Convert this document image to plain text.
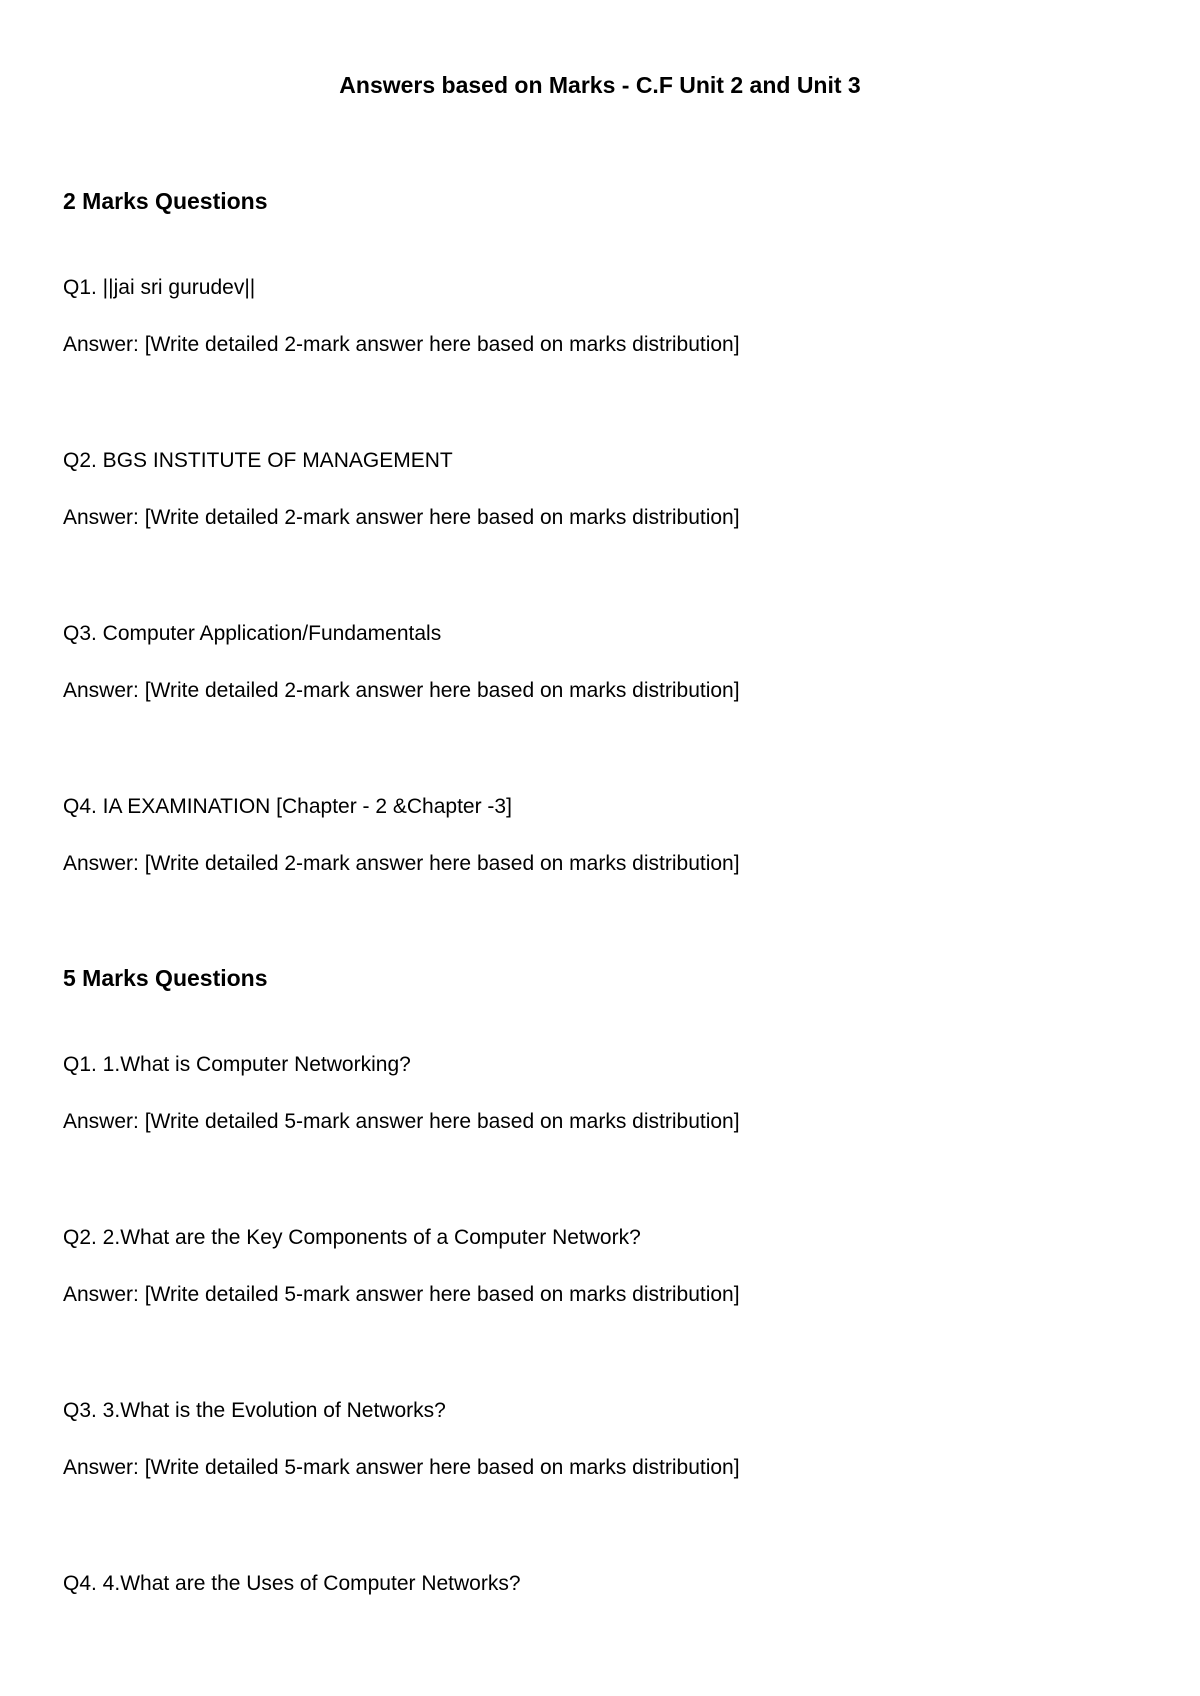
Answers based on Marks - C.F Unit 2 and Unit 3
2 Marks Questions

Q1. ||jai sri gurudev||

Answer: [Write detailed 2-mark answer here based on marks distribution]

Q2. BGS INSTITUTE OF MANAGEMENT

Answer: [Write detailed 2-mark answer here based on marks distribution]

Q3. Computer Application/Fundamentals

Answer: [Write detailed 2-mark answer here based on marks distribution]

Q4. IA EXAMINATION [Chapter - 2 &Chapter -3]

Answer: [Write detailed 2-mark answer here based on marks distribution]

5 Marks Questions

Q1. 1.What is Computer Networking?

Answer: [Write detailed 5-mark answer here based on marks distribution]

Q2. 2.What are the Key Components of a Computer Network?

Answer: [Write detailed 5-mark answer here based on marks distribution]

Q3. 3.What is the Evolution of Networks?

Answer: [Write detailed 5-mark answer here based on marks distribution]

Q4. 4.What are the Uses of Computer Networks?
